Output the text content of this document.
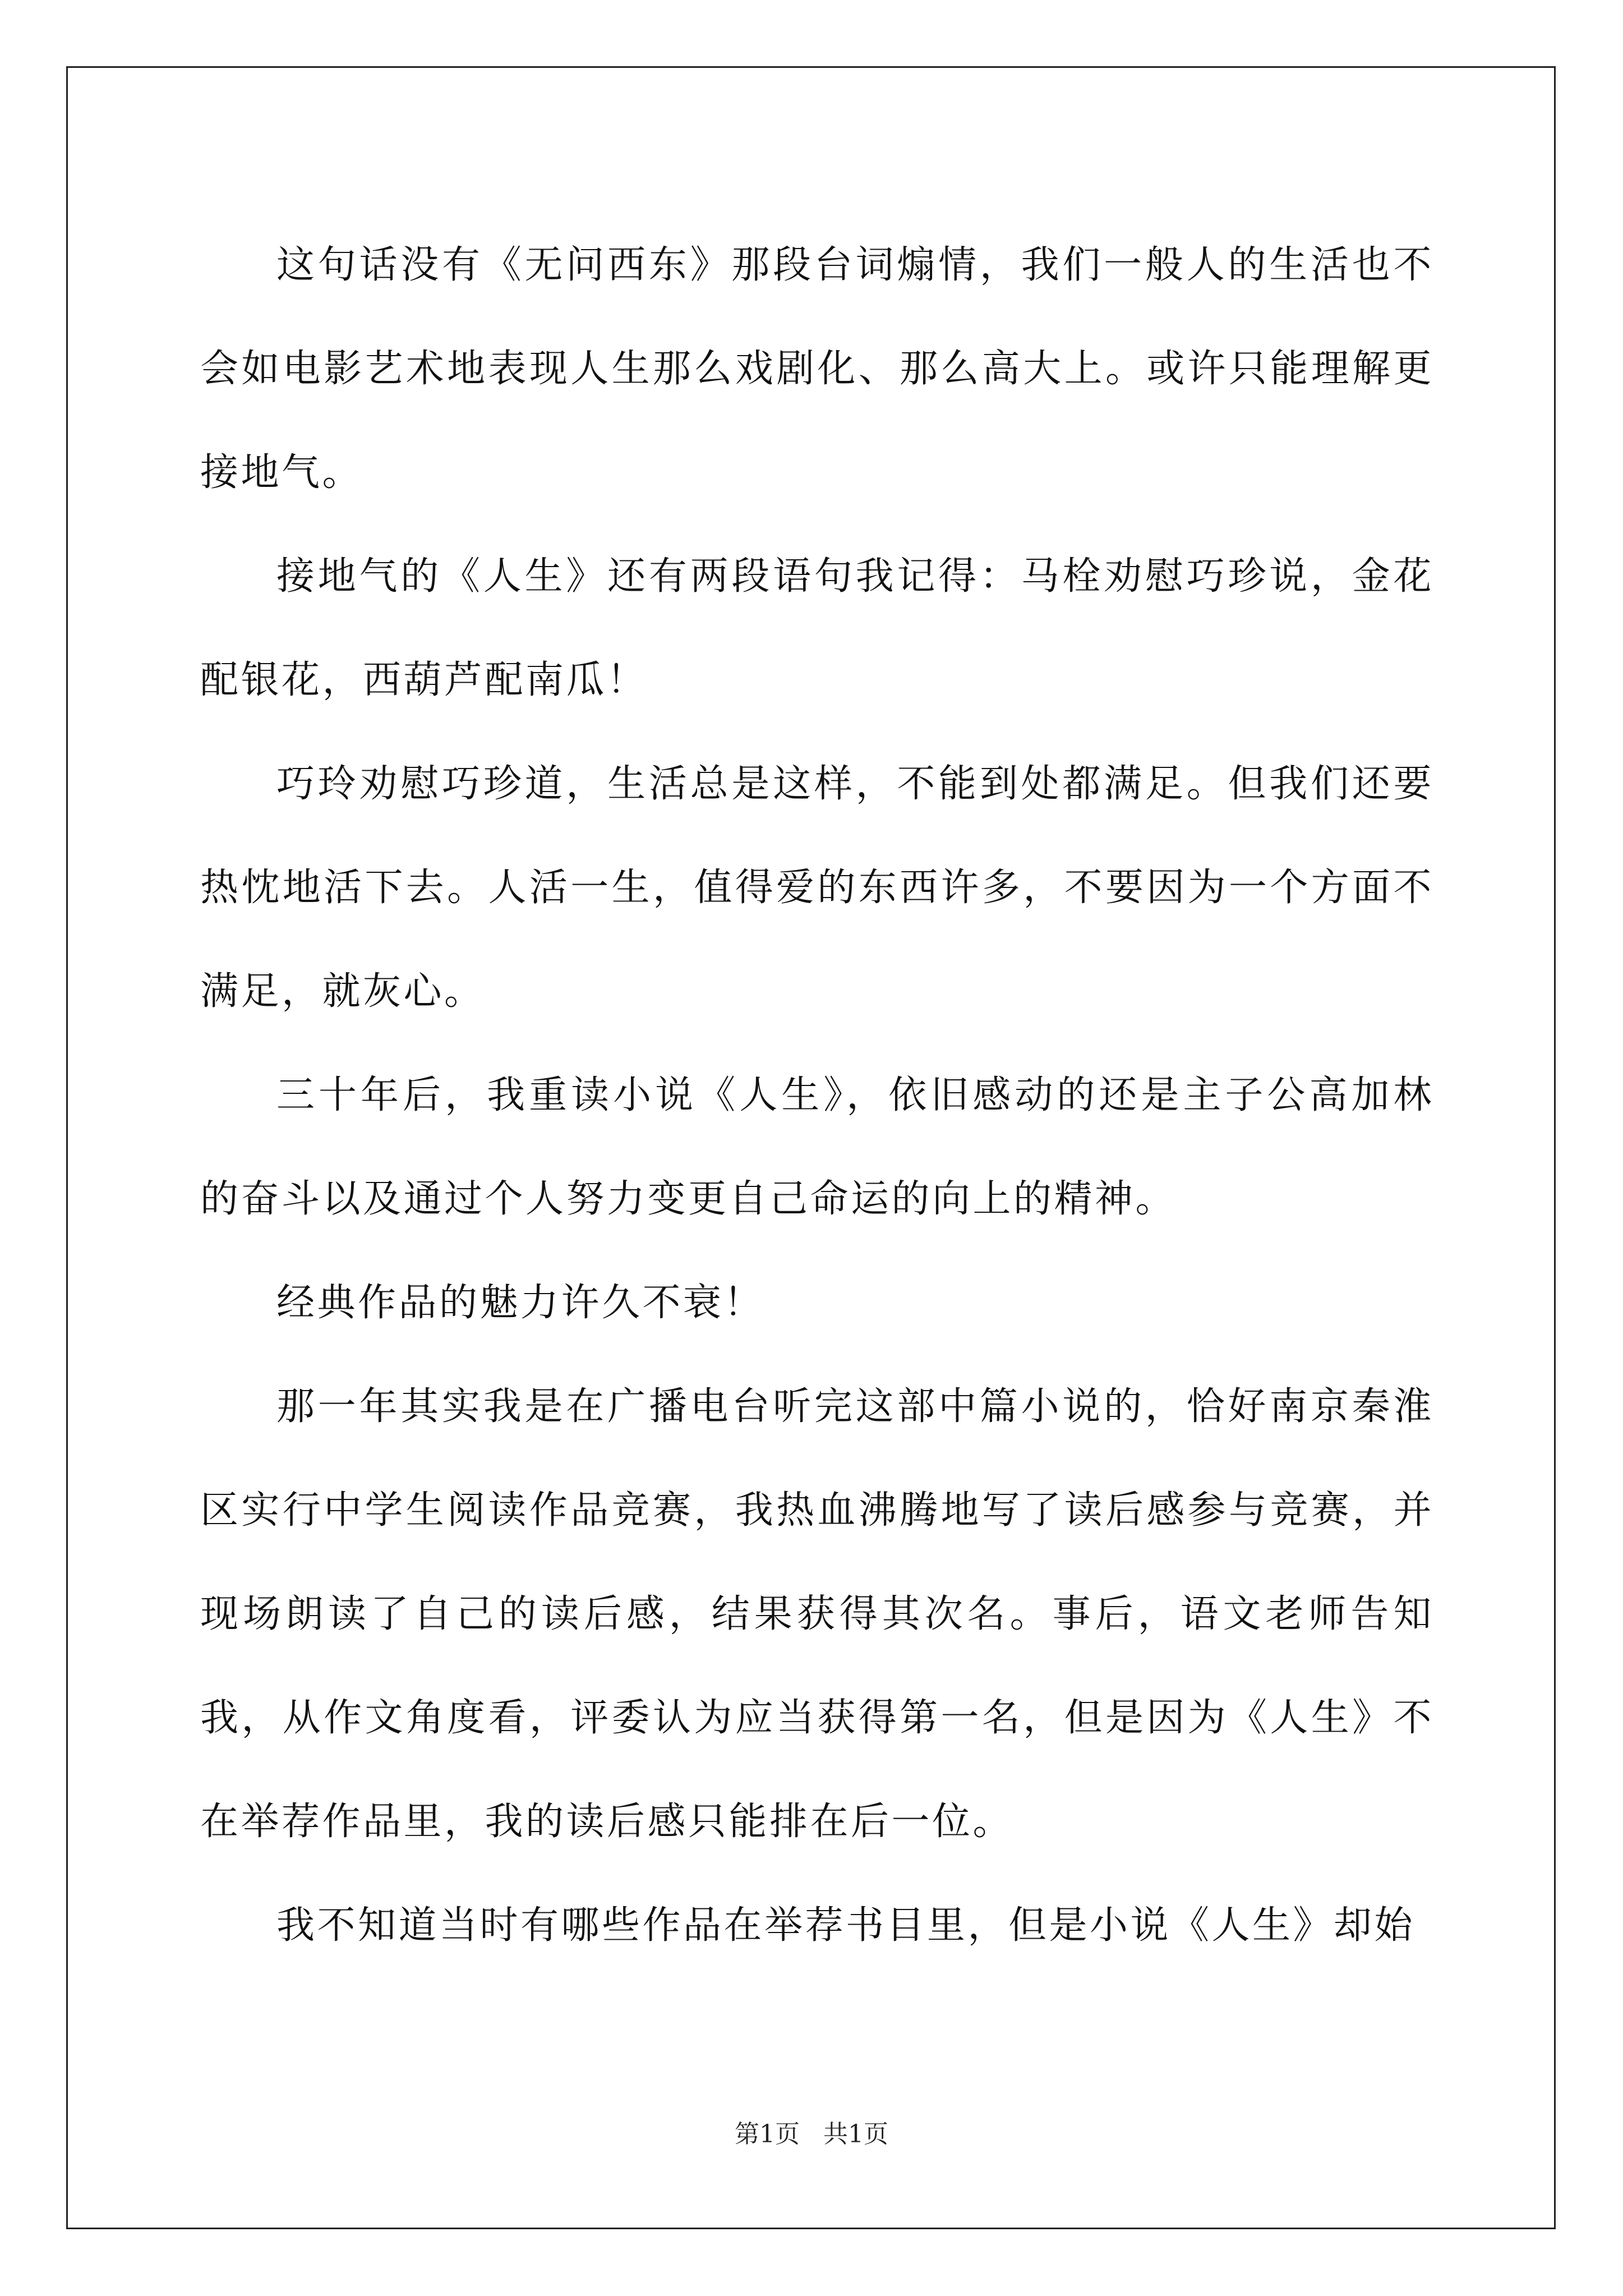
这句话没有《无问西东》那段台词煽情，我们一般人的生活也不会如电影艺术地表现人生那么戏剧化、那么高大上。或许只能理解更接地气。

接地气的《人生》还有两段语句我记得：马栓劝慰巧珍说，金花配银花，西葫芦配南瓜！

巧玲劝慰巧珍道，生活总是这样，不能到处都满足。但我们还要热忱地活下去。人活一生，值得爱的东西许多，不要因为一个方面不满足，就灰心。

三十年后，我重读小说《人生》，依旧感动的还是主子公高加林的奋斗以及通过个人努力变更自己命运的向上的精神。

经典作品的魅力许久不衰！

那一年其实我是在广播电台听完这部中篇小说的，恰好南京秦淮区实行中学生阅读作品竞赛，我热血沸腾地写了读后感参与竞赛，并现场朗读了自己的读后感，结果获得其次名。事后，语文老师告知我，从作文角度看，评委认为应当获得第一名，但是因为《人生》不在举荐作品里，我的读后感只能排在后一位。

我不知道当时有哪些作品在举荐书目里，但是小说《人生》却始

第1页   共1页
